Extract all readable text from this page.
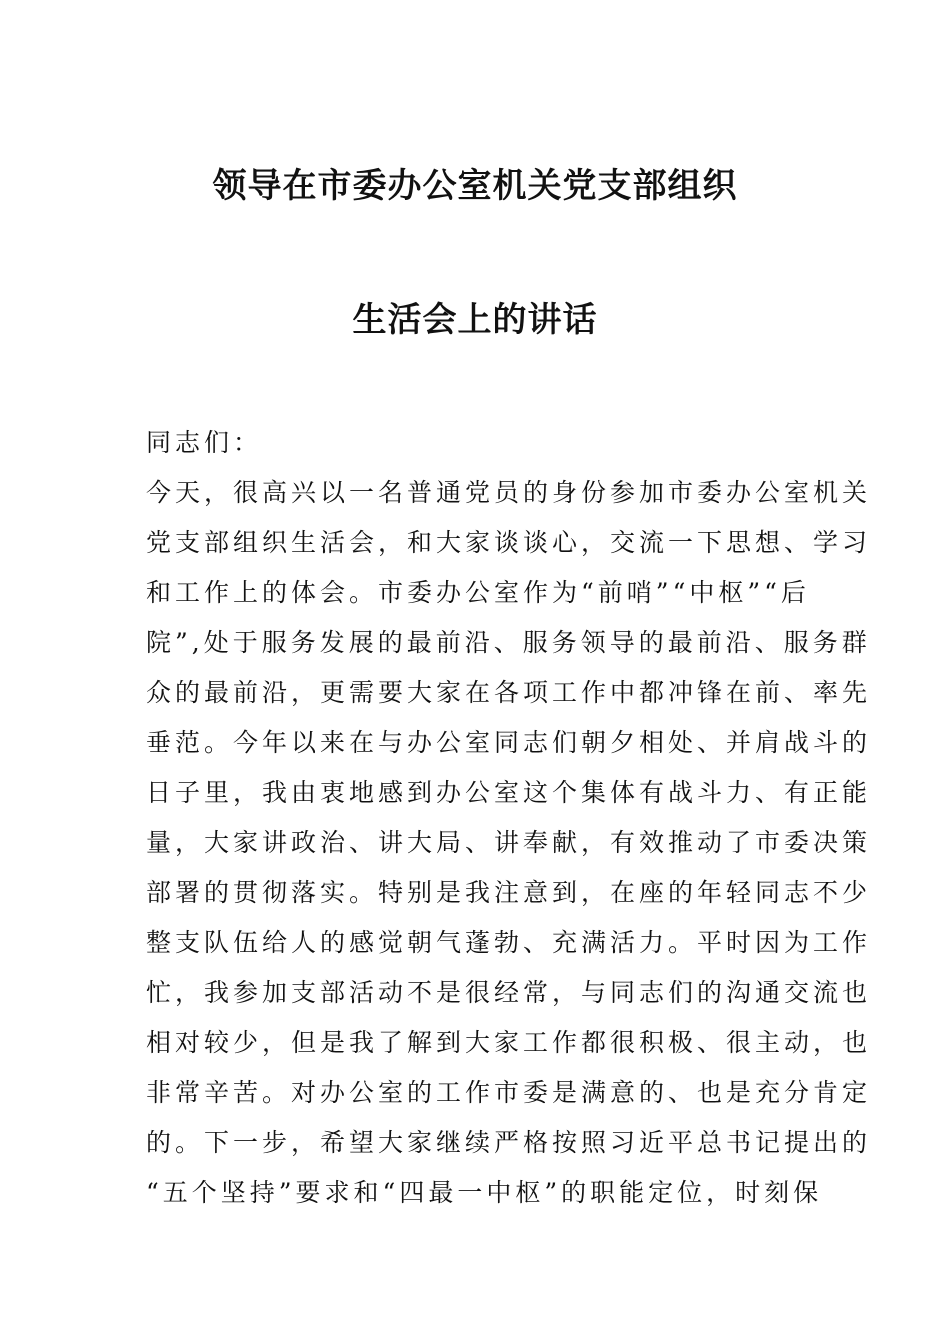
领导在市委办公室机关党支部组织
生活会上的讲话
同志们：
今天，很高兴以一名普通党员的身份参加市委办公室机关
党支部组织生活会，和大家谈谈心，交流一下思想、学习
和工作上的体会。市委办公室作为“前哨”“中枢”“后
院”,处于服务发展的最前沿、服务领导的最前沿、服务群
众的最前沿，更需要大家在各项工作中都冲锋在前、率先
垂范。今年以来在与办公室同志们朝夕相处、并肩战斗的
日子里，我由衷地感到办公室这个集体有战斗力、有正能
量，大家讲政治、讲大局、讲奉献，有效推动了市委决策
部署的贯彻落实。特别是我注意到，在座的年轻同志不少
整支队伍给人的感觉朝气蓬勃、充满活力。平时因为工作
忙，我参加支部活动不是很经常，与同志们的沟通交流也
相对较少，但是我了解到大家工作都很积极、很主动，也
非常辛苦。对办公室的工作市委是满意的、也是充分肯定
的。下一步，希望大家继续严格按照习近平总书记提出的
“五个坚持”要求和“四最一中枢”的职能定位，时刻保
